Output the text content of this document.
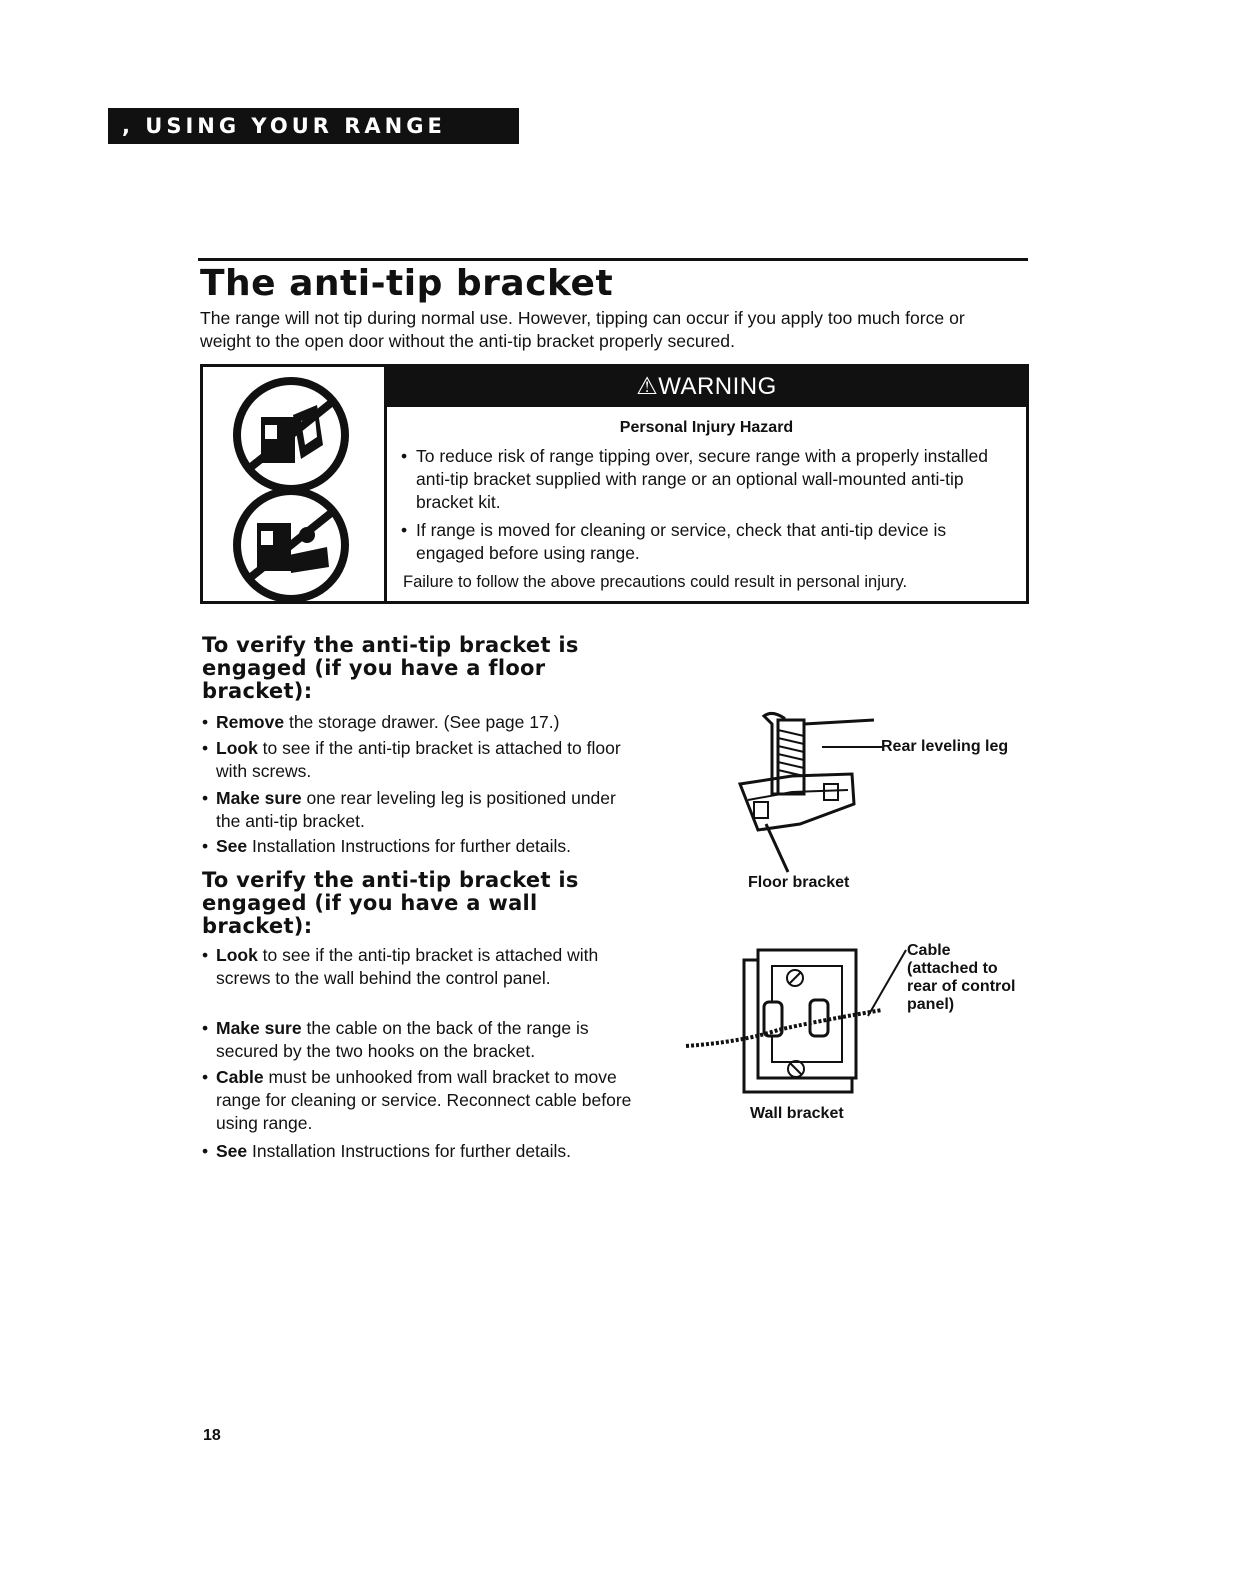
, USING YOUR RANGE
The anti-tip bracket
The range will not tip during normal use. However, tipping can occur if you apply too much force or weight to the open door without the anti-tip bracket properly secured.
⚠WARNING
Personal Injury Hazard
• To reduce risk of range tipping over, secure range with a properly installed anti-tip bracket supplied with range or an optional wall-mounted anti-tip bracket kit.
• If range is moved for cleaning or service, check that anti-tip device is engaged before using range.
Failure to follow the above precautions could result in personal injury.
To verify the anti-tip bracket is engaged (if you have a floor bracket):
• Remove the storage drawer. (See page 17.)
• Look to see if the anti-tip bracket is attached to floor with screws.
• Make sure one rear leveling leg is positioned under the anti-tip bracket.
• See Installation Instructions for further details.
To verify the anti-tip bracket is engaged (if you have a wall bracket):
• Look to see if the anti-tip bracket is attached with screws to the wall behind the control panel.
• Make sure the cable on the back of the range is secured by the two hooks on the bracket.
• Cable must be unhooked from wall bracket to move range for cleaning or service. Reconnect cable before using range.
• See Installation Instructions for further details.
Rear leveling leg
Floor bracket
Cable
(attached to
rear of control
panel)
Wall bracket
18
